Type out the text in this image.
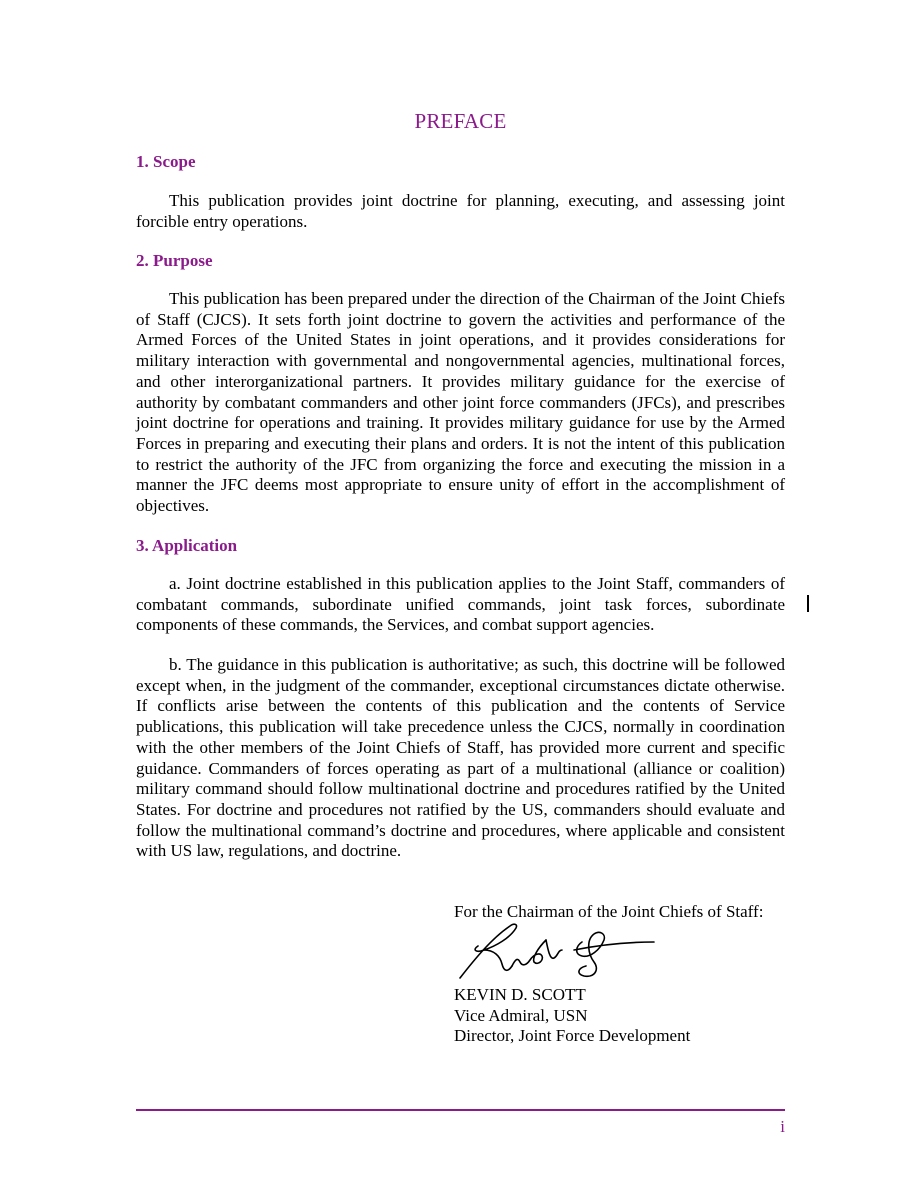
PREFACE
1. Scope

This publication provides joint doctrine for planning, executing, and assessing joint forcible entry operations.

2. Purpose

This publication has been prepared under the direction of the Chairman of the Joint Chiefs of Staff (CJCS). It sets forth joint doctrine to govern the activities and performance of the Armed Forces of the United States in joint operations, and it provides considerations for military interaction with governmental and nongovernmental agencies, multinational forces, and other interorganizational partners. It provides military guidance for the exercise of authority by combatant commanders and other joint force commanders (JFCs), and prescribes joint doctrine for operations and training. It provides military guidance for use by the Armed Forces in preparing and executing their plans and orders. It is not the intent of this publication to restrict the authority of the JFC from organizing the force and executing the mission in a manner the JFC deems most appropriate to ensure unity of effort in the accomplishment of objectives.

3. Application

a. Joint doctrine established in this publication applies to the Joint Staff, commanders of combatant commands, subordinate unified commands, joint task forces, subordinate components of these commands, the Services, and combat support agencies.

b. The guidance in this publication is authoritative; as such, this doctrine will be followed except when, in the judgment of the commander, exceptional circumstances dictate otherwise. If conflicts arise between the contents of this publication and the contents of Service publications, this publication will take precedence unless the CJCS, normally in coordination with the other members of the Joint Chiefs of Staff, has provided more current and specific guidance. Commanders of forces operating as part of a multinational (alliance or coalition) military command should follow multinational doctrine and procedures ratified by the United States. For doctrine and procedures not ratified by the US, commanders should evaluate and follow the multinational command’s doctrine and procedures, where applicable and consistent with US law, regulations, and doctrine.

For the Chairman of the Joint Chiefs of Staff:
KEVIN D. SCOTT
Vice Admiral, USN
Director, Joint Force Development
i
